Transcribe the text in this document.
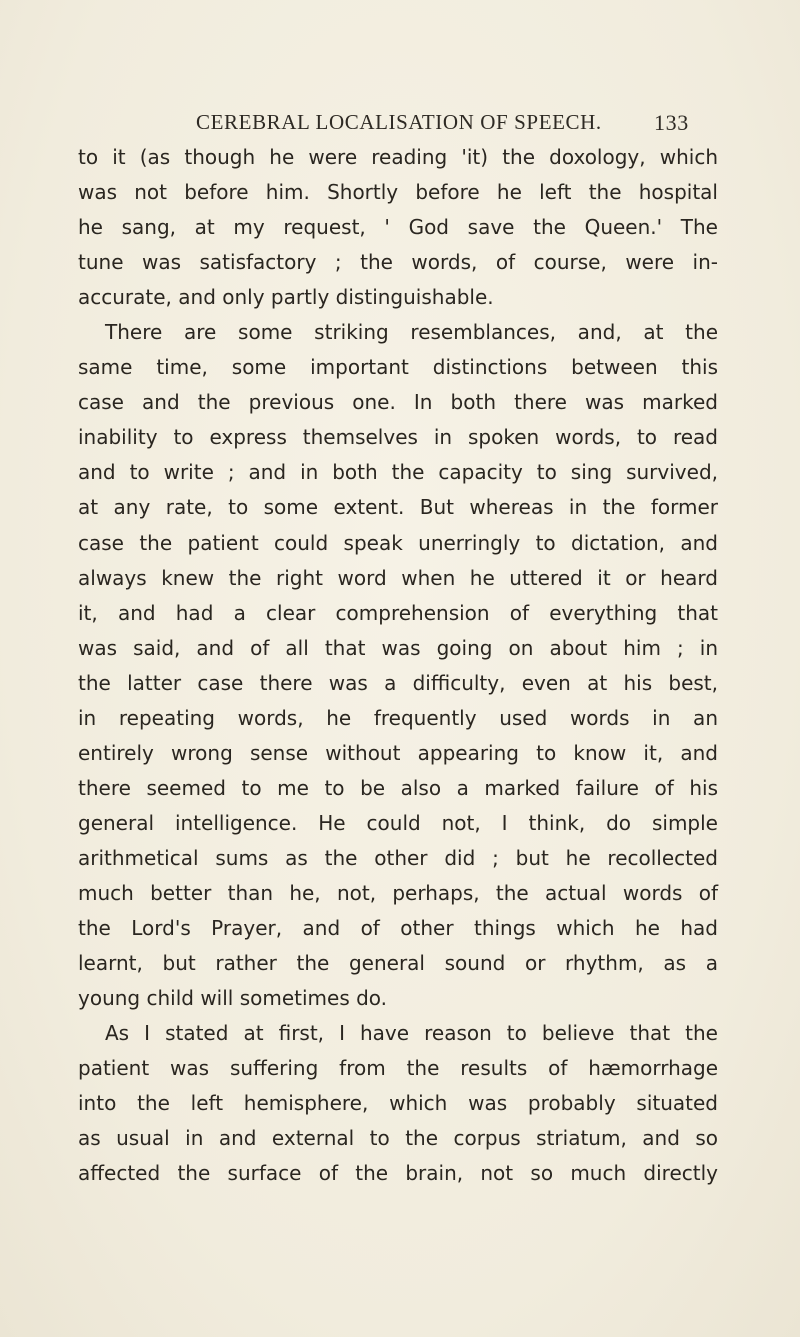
CEREBRAL LOCALISATION OF SPEECH. 133
to it (as though he were reading 'it) the doxology, which
was not before him. Shortly before he left the hospital
he sang, at my request, ' God save the Queen.' The
tune was satisfactory ; the words, of course, were in-
accurate, and only partly distinguishable.
There are some striking resemblances, and, at the
same time, some important distinctions between this
case and the previous one. In both there was marked
inability to express themselves in spoken words, to read
and to write ; and in both the capacity to sing survived,
at any rate, to some extent. But whereas in the former
case the patient could speak unerringly to dictation, and
always knew the right word when he uttered it or heard
it, and had a clear comprehension of everything that
was said, and of all that was going on about him ; in
the latter case there was a difficulty, even at his best,
in repeating words, he frequently used words in an
entirely wrong sense without appearing to know it, and
there seemed to me to be also a marked failure of his
general intelligence. He could not, I think, do simple
arithmetical sums as the other did ; but he recollected
much better than he, not, perhaps, the actual words of
the Lord's Prayer, and of other things which he had
learnt, but rather the general sound or rhythm, as a
young child will sometimes do.
As I stated at first, I have reason to believe that the
patient was suffering from the results of hæmorrhage
into the left hemisphere, which was probably situated
as usual in and external to the corpus striatum, and so
affected the surface of the brain, not so much directly
